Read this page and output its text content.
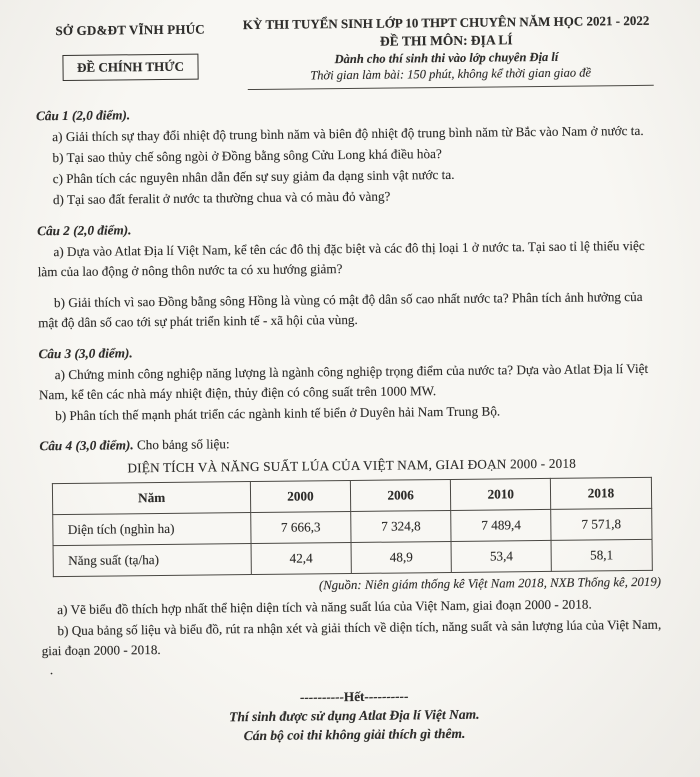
SỞ GD&ĐT VĨNH PHÚC
ĐỀ CHÍNH THỨC
KỲ THI TUYỂN SINH LỚP 10 THPT CHUYÊN NĂM HỌC 2021 - 2022
ĐỀ THI MÔN: ĐỊA LÍ
Dành cho thí sinh thi vào lớp chuyên Địa lí
Thời gian làm bài: 150 phút, không kể thời gian giao đề
Câu 1 (2,0 điểm).
a) Giải thích sự thay đổi nhiệt độ trung bình năm và biên độ nhiệt độ trung bình năm từ Bắc vào Nam ở nước ta.
b) Tại sao thủy chế sông ngòi ở Đồng bằng sông Cửu Long khá điều hòa?
c) Phân tích các nguyên nhân dẫn đến sự suy giảm đa dạng sinh vật nước ta.
d) Tại sao đất feralit ở nước ta thường chua và có màu đỏ vàng?
Câu 2 (2,0 điểm).
a) Dựa vào Atlat Địa lí Việt Nam, kể tên các đô thị đặc biệt và các đô thị loại 1 ở nước ta. Tại sao tỉ lệ thiếu việc làm của lao động ở nông thôn nước ta có xu hướng giảm?
b) Giải thích vì sao Đồng bằng sông Hồng là vùng có mật độ dân số cao nhất nước ta? Phân tích ảnh hưởng của mật độ dân số cao tới sự phát triển kinh tế - xã hội của vùng.
Câu 3 (3,0 điểm).
a) Chứng minh công nghiệp năng lượng là ngành công nghiệp trọng điểm của nước ta? Dựa vào Atlat Địa lí Việt Nam, kể tên các nhà máy nhiệt điện, thủy điện có công suất trên 1000 MW.
b) Phân tích thế mạnh phát triển các ngành kinh tế biển ở Duyên hải Nam Trung Bộ.
Câu 4 (3,0 điểm). Cho bảng số liệu:
DIỆN TÍCH VÀ NĂNG SUẤT LÚA CỦA VIỆT NAM, GIAI ĐOẠN 2000 - 2018
Năm	2000	2006	2010	2018
Diện tích (nghìn ha)	7 666,3	7 324,8	7 489,4	7 571,8
Năng suất (tạ/ha)	42,4	48,9	53,4	58,1
(Nguồn: Niên giám thống kê Việt Nam 2018, NXB Thống kê, 2019)
a) Vẽ biểu đồ thích hợp nhất thể hiện diện tích và năng suất lúa của Việt Nam, giai đoạn 2000 - 2018.
b) Qua bảng số liệu và biểu đồ, rút ra nhận xét và giải thích về diện tích, năng suất và sản lượng lúa của Việt Nam, giai đoạn 2000 - 2018.
.
----------Hết----------
Thí sinh được sử dụng Atlat Địa lí Việt Nam.
Cán bộ coi thi không giải thích gì thêm.
